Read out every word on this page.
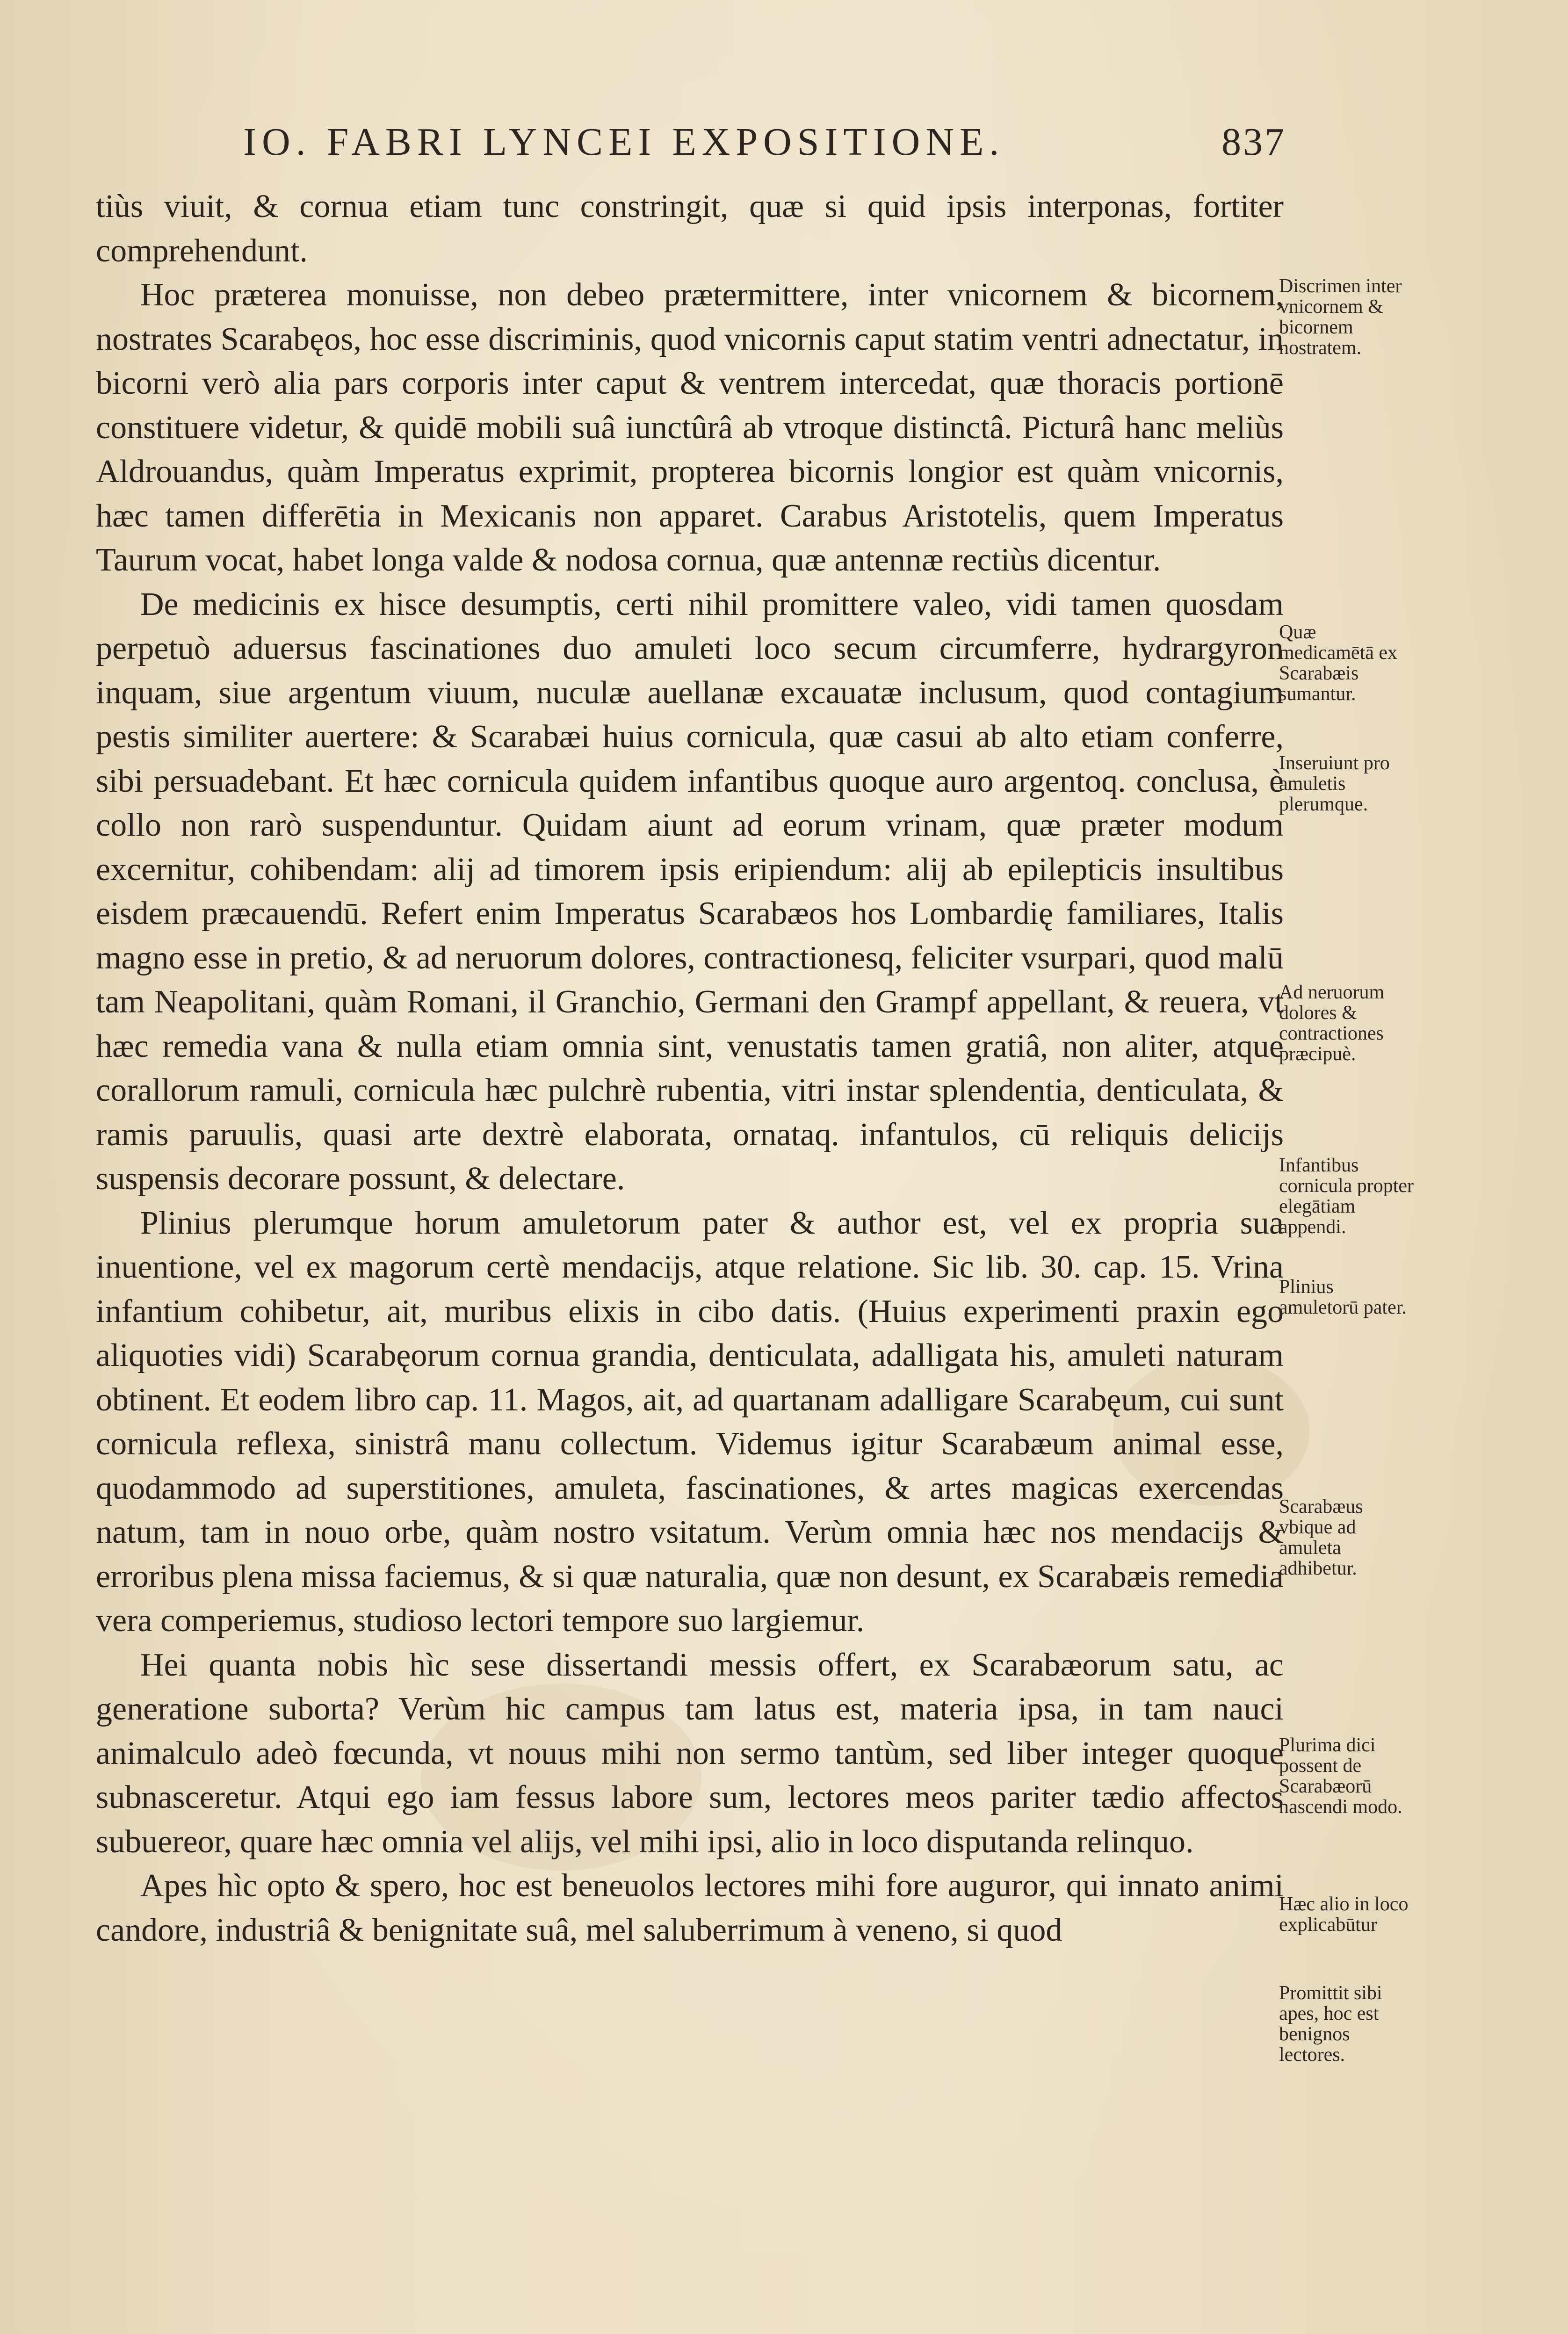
IO. FABRI LYNCEI EXPOSITIONE.	837

tiùs viuit, & cornua etiam tunc constringit, quæ si quid ipsis interponas, fortiter comprehendunt.

Hoc præterea monuisse, non debeo prætermittere, inter vnicornem & bicornem, nostrates Scarabęos, hoc esse discriminis, quod vnicornis caput statim ventri adnectatur, in bicorni verò alia pars corporis inter caput & ventrem intercedat, quæ thoracis portionē constituere videtur, & quidē mobili suâ iunctûrâ ab vtroque distinctâ. Picturâ hanc meliùs Aldrouandus, quàm Imperatus exprimit, propterea bicornis longior est quàm vnicornis, hæc tamen differētia in Mexicanis non apparet. Carabus Aristotelis, quem Imperatus Taurum vocat, habet longa valde & nodosa cornua, quæ antennæ rectiùs dicentur.

De medicinis ex hisce desumptis, certi nihil promittere valeo, vidi tamen quosdam perpetuò aduersus fascinationes duo amuleti loco secum circumferre, hydrargyron inquam, siue argentum viuum, nuculæ auellanæ excauatæ inclusum, quod contagium pestis similiter auertere: & Scarabæi huius cornicula, quæ casui ab alto etiam conferre, sibi persuadebant. Et hæc cornicula quidem infantibus quoque auro argentoq. conclusa, è collo non rarò suspenduntur. Quidam aiunt ad eorum vrinam, quæ præter modum excernitur, cohibendam: alij ad timorem ipsis eripiendum: alij ab epilepticis insultibus eisdem præcauendū. Refert enim Imperatus Scarabæos hos Lombardię familiares, Italis magno esse in pretio, & ad neruorum dolores, contractionesq, feliciter vsurpari, quod malū tam Neapolitani, quàm Romani, il Granchio, Germani den Grampf appellant, & reuera, vt hæc remedia vana & nulla etiam omnia sint, venustatis tamen gratiâ, non aliter, atque corallorum ramuli, cornicula hæc pulchrè rubentia, vitri instar splendentia, denticulata, & ramis paruulis, quasi arte dextrè elaborata, ornataq. infantulos, cū reliquis delicijs suspensis decorare possunt, & delectare.

Plinius plerumque horum amuletorum pater & author est, vel ex propria sua inuentione, vel ex magorum certè mendacijs, atque relatione. Sic lib. 30. cap. 15. Vrina infantium cohibetur, ait, muribus elixis in cibo datis. (Huius experimenti praxin ego aliquoties vidi) Scarabęorum cornua grandia, denticulata, adalligata his, amuleti naturam obtinent. Et eodem libro cap. 11. Magos, ait, ad quartanam adalligare Scarabęum, cui sunt cornicula reflexa, sinistrâ manu collectum. Videmus igitur Scarabæum animal esse, quodammodo ad superstitiones, amuleta, fascinationes, & artes magicas exercendas natum, tam in nouo orbe, quàm nostro vsitatum. Verùm omnia hæc nos mendacijs & erroribus plena missa faciemus, & si quæ naturalia, quæ non desunt, ex Scarabæis remedia vera comperiemus, studioso lectori tempore suo largiemur.

Hei quanta nobis hìc sese dissertandi messis offert, ex Scarabæorum satu, ac generatione suborta? Verùm hic campus tam latus est, materia ipsa, in tam nauci animalculo adeò fœcunda, vt nouus mihi non sermo tantùm, sed liber integer quoque subnasceretur. Atqui ego iam fessus labore sum, lectores meos pariter tædio affectos subuereor, quare hæc omnia vel alijs, vel mihi ipsi, alio in loco disputanda relinquo.

Apes hìc opto & spero, hoc est beneuolos lectores mihi fore auguror, qui innato animi candore, industriâ & benignitate suâ, mel saluberrimum à veneno, si quod

Discrimen inter vnicornem & bicornem nostratem.
Quæ medicamētā ex Scarabæis sumantur.
Inseruiunt pro amuletis plerumque.
Ad neruorum dolores & contractiones præcipuè.
Infantibus cornicula propter elegātiam appendi.
Plinius amuletorū pater.
Scarabæus vbique ad amuleta adhibetur.
Plurima dici possent de Scarabæorū nascendi modo.
Hæc alio in loco explicabūtur
Promittit sibi apes, hoc est benignos lectores.
